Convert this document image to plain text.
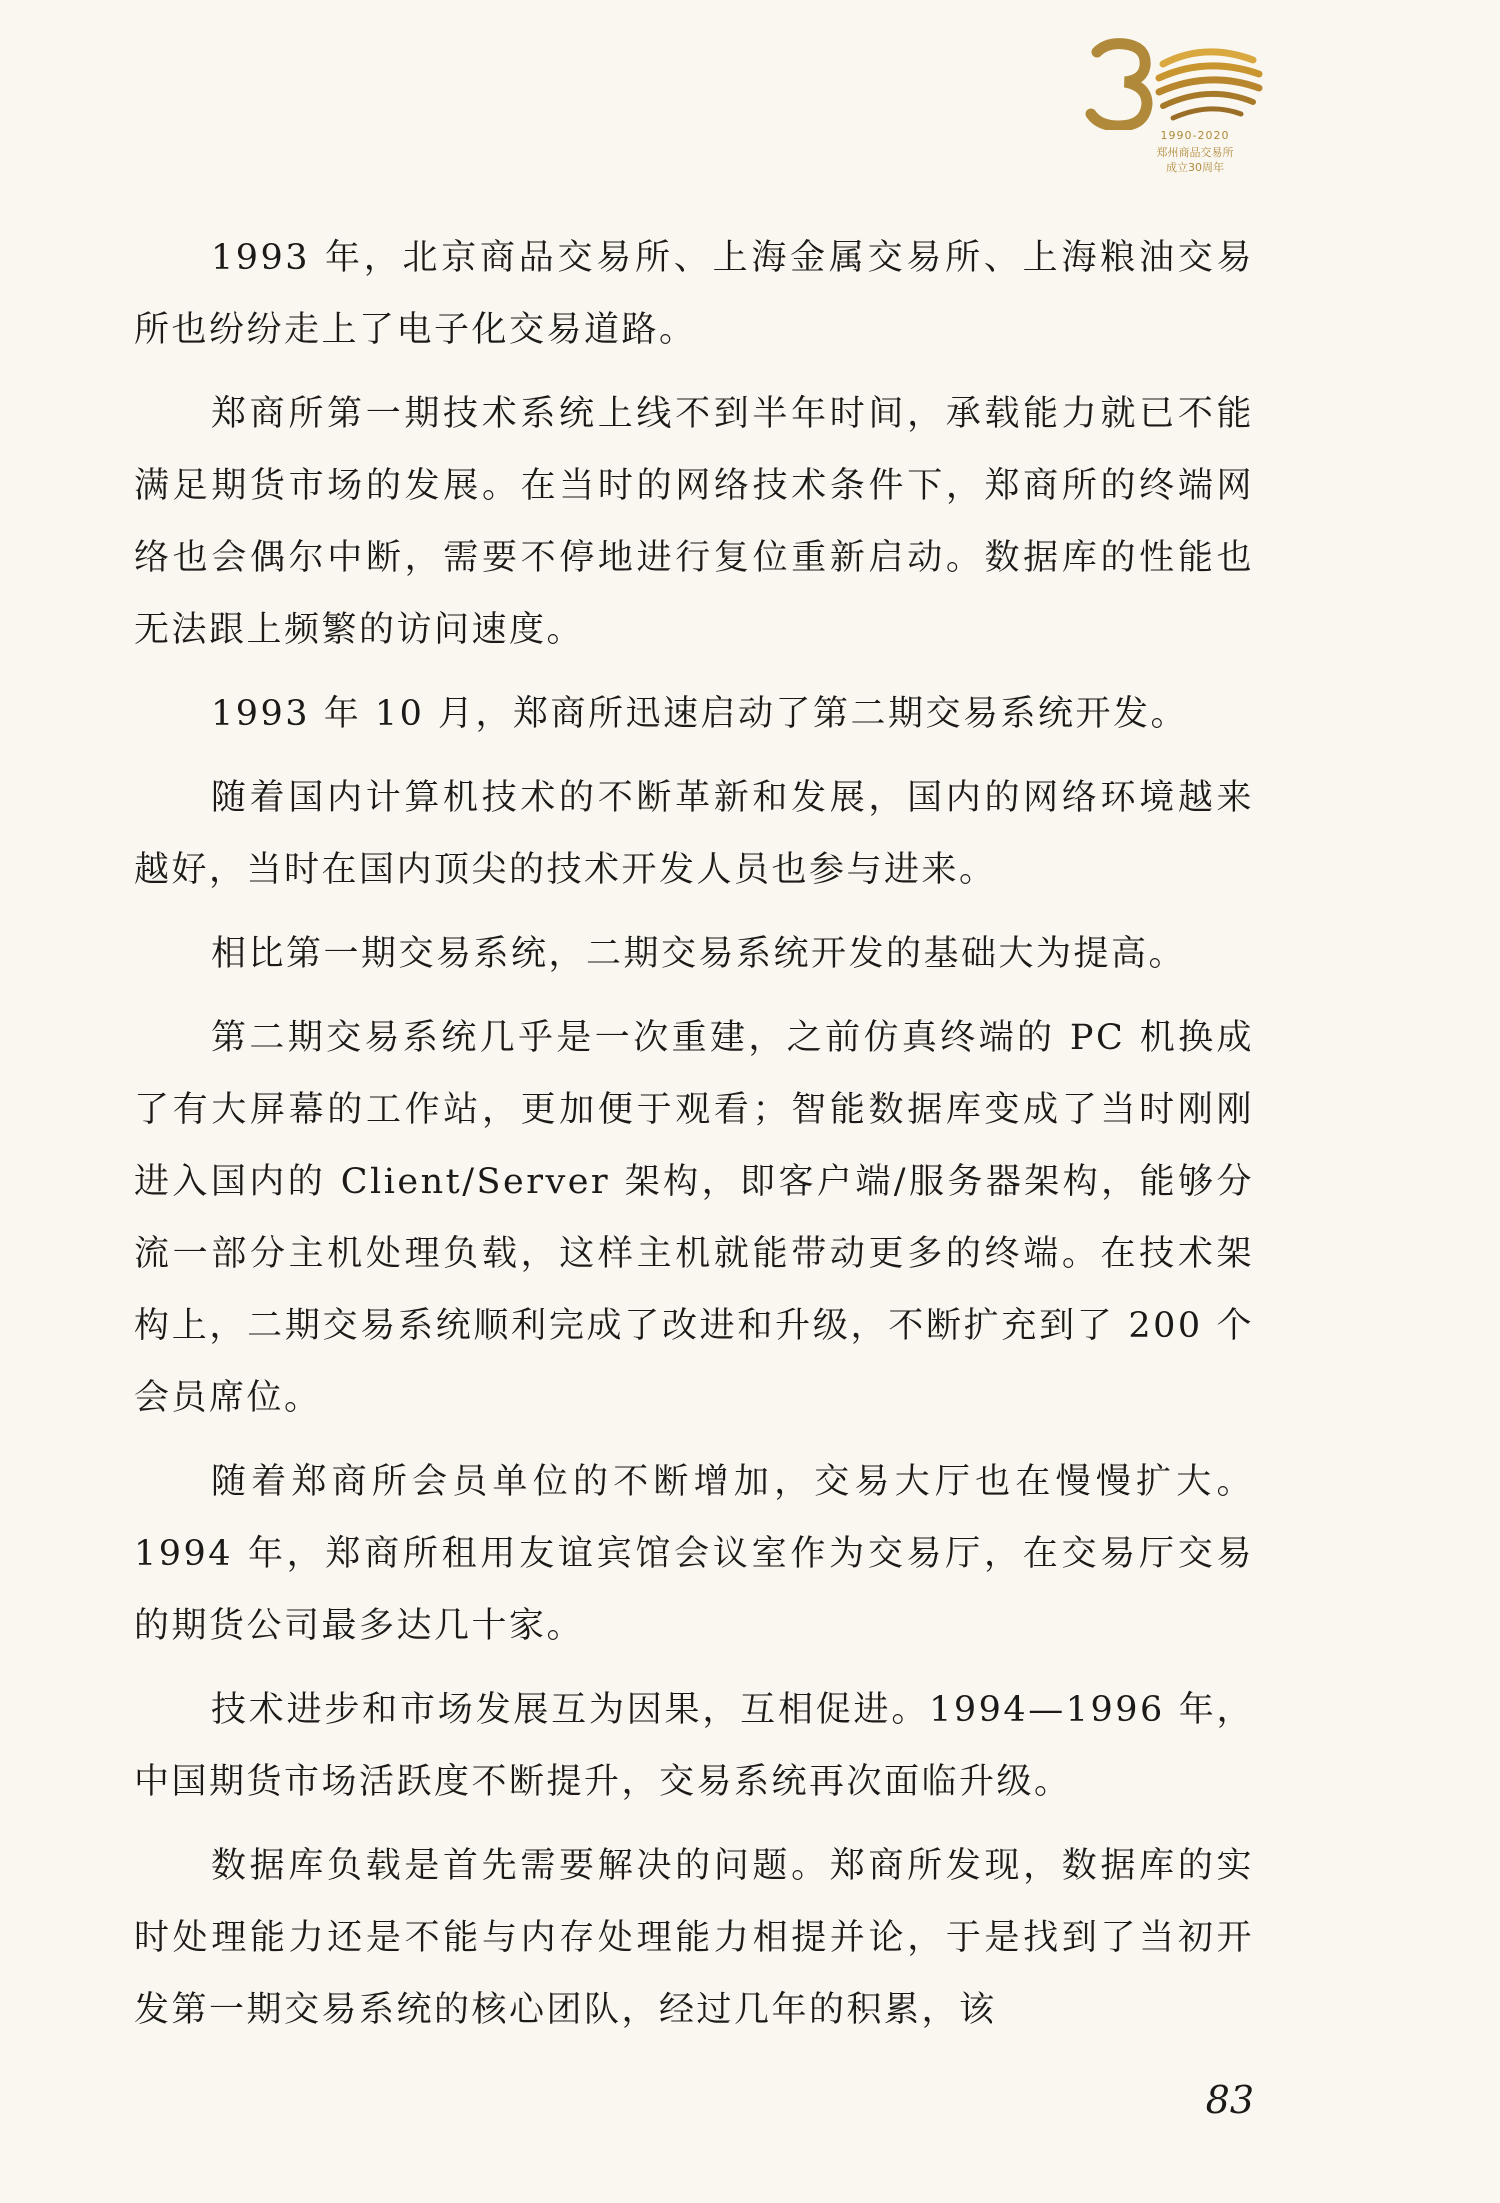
1990-2020
郑州商品交易所
成立30周年

1993 年，北京商品交易所、上海金属交易所、上海粮油交易所也纷纷走上了电子化交易道路。

郑商所第一期技术系统上线不到半年时间，承载能力就已不能满足期货市场的发展。在当时的网络技术条件下，郑商所的终端网络也会偶尔中断，需要不停地进行复位重新启动。数据库的性能也无法跟上频繁的访问速度。

1993 年 10 月，郑商所迅速启动了第二期交易系统开发。

随着国内计算机技术的不断革新和发展，国内的网络环境越来越好，当时在国内顶尖的技术开发人员也参与进来。

相比第一期交易系统，二期交易系统开发的基础大为提高。

第二期交易系统几乎是一次重建，之前仿真终端的 PC 机换成了有大屏幕的工作站，更加便于观看；智能数据库变成了当时刚刚进入国内的 Client/Server 架构，即客户端/服务器架构，能够分流一部分主机处理负载，这样主机就能带动更多的终端。在技术架构上，二期交易系统顺利完成了改进和升级，不断扩充到了 200 个会员席位。

随着郑商所会员单位的不断增加，交易大厅也在慢慢扩大。1994 年，郑商所租用友谊宾馆会议室作为交易厅，在交易厅交易的期货公司最多达几十家。

技术进步和市场发展互为因果，互相促进。1994—1996 年，中国期货市场活跃度不断提升，交易系统再次面临升级。

数据库负载是首先需要解决的问题。郑商所发现，数据库的实时处理能力还是不能与内存处理能力相提并论，于是找到了当初开发第一期交易系统的核心团队，经过几年的积累，该

83
